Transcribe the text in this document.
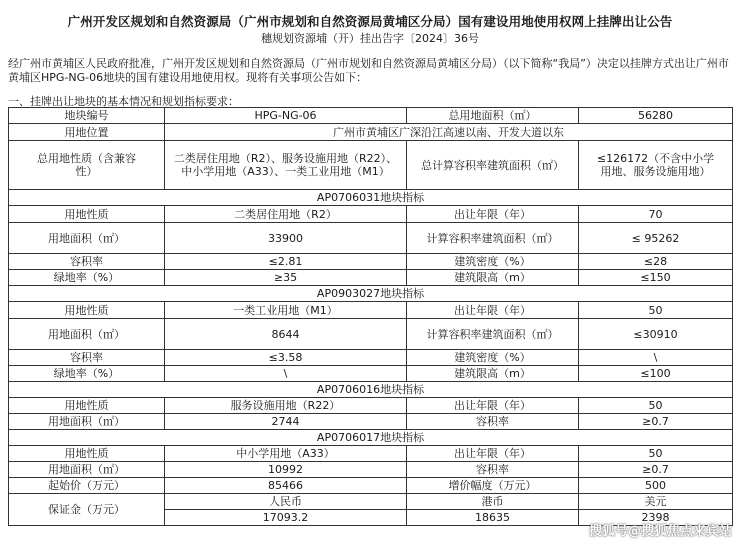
广州开发区规划和自然资源局（广州市规划和自然资源局黄埔区分局）国有建设用地使用权网上挂牌出让公告
穗规划资源埔（开）挂出告字〔2024〕36号
经广州市黄埔区人民政府批准，广州开发区规划和自然资源局（广州市规划和自然资源局黄埔区分局）（以下简称“我局”）决定以挂牌方式出让广州市黄埔区HPG-NG-06地块的国有建设用地使用权。现将有关事项公告如下：
一、挂牌出让地块的基本情况和规划指标要求：
地块编号	HPG-NG-06	总用地面积（㎡）	56280
用地位置	广州市黄埔区广深沿江高速以南、开发大道以东		
总用地性质（含兼容性）	二类居住用地（R2）、服务设施用地（R22）、中小学用地（A33）、一类工业用地（M1）	总计算容积率建筑面积（㎡）	≤126172（不含中小学用地、服务设施用地）
AP0706031地块指标			
用地性质	二类居住用地（R2）	出让年限（年）	70
用地面积（㎡）	33900	计算容积率建筑面积（㎡）	≤ 95262
容积率	≤2.81	建筑密度（%）	≤28
绿地率（%）	≥35	建筑限高（m）	≤150
AP0903027地块指标			
用地性质	一类工业用地（M1）	出让年限（年）	50
用地面积（㎡）	8644	计算容积率建筑面积（㎡）	≤30910
容积率	≤3.58	建筑密度（%）	\
绿地率（%）	\	建筑限高（m）	≤100
AP0706016地块指标			
用地性质	服务设施用地（R22）	出让年限（年）	50
用地面积（㎡）	2744	容积率	≥0.7
AP0706017地块指标			
用地性质	中小学用地（A33）	出让年限（年）	50
用地面积（㎡）	10992	容积率	≥0.7
起始价（万元）	85466	增价幅度（万元）	500
保证金（万元）	人民币	港币	美元
	17093.2	18635	2398
搜狐号@搜狐焦点来宾站
